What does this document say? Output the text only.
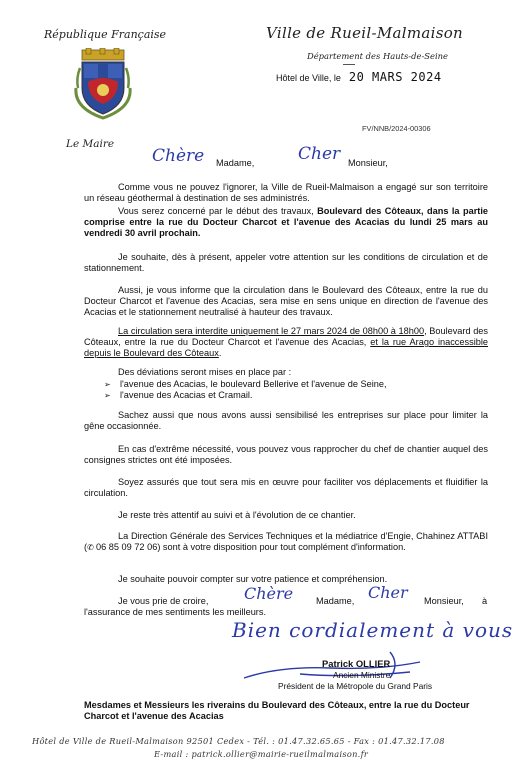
République Française	Ville de Rueil-Malmaison
Département des Hauts-de-Seine
Hôtel de Ville, le 20 MARS 2024
Le Maire
FV/NNB/2024-00306
Chère Madame,	Cher Monsieur,

Comme vous ne pouvez l'ignorer, la Ville de Rueil-Malmaison a engagé sur son territoire un réseau géothermal à destination de ses administrés.

Vous serez concerné par le début des travaux, Boulevard des Côteaux, dans la partie comprise entre la rue du Docteur Charcot et l'avenue des Acacias du lundi 25 mars au vendredi 30 avril prochain.

Je souhaite, dès à présent, appeler votre attention sur les conditions de circulation et de stationnement.

Aussi, je vous informe que la circulation dans le Boulevard des Côteaux, entre la rue du Docteur Charcot et l'avenue des Acacias, sera mise en sens unique en direction de l'avenue des Acacias et le stationnement neutralisé à hauteur des travaux.

La circulation sera interdite uniquement le 27 mars 2024 de 08h00 à 18h00, Boulevard des Côteaux, entre la rue du Docteur Charcot et l'avenue des Acacias, et la rue Arago inaccessible depuis le Boulevard des Côteaux.

Des déviations seront mises en place par :

➢ l'avenue des Acacias, le boulevard Bellerive et l'avenue de Seine,
➢ l'avenue des Acacias et Cramail.

Sachez aussi que nous avons aussi sensibilisé les entreprises sur place pour limiter la gêne occasionnée.

En cas d'extrême nécessité, vous pouvez vous rapprocher du chef de chantier auquel des consignes strictes ont été imposées.

Soyez assurés que tout sera mis en œuvre pour faciliter vos déplacements et fluidifier la circulation.

Je reste très attentif au suivi et à l'évolution de ce chantier.

La Direction Générale des Services Techniques et la médiatrice d'Engie, Chahinez ATTABI (✆ 06 85 09 72 06) sont à votre disposition pour tout complément d'information.

Je souhaite pouvoir compter sur votre patience et compréhension.

Je vous prie de croire,	Madame,	Monsieur, à
l'assurance de mes sentiments les meilleurs.
Chère	Cher
Bien cordialement à vous
Patrick OLLIER
Ancien Ministre
Président de la Métropole du Grand Paris
Mesdames et Messieurs les riverains du Boulevard des Côteaux, entre la rue du Docteur Charcot et l'avenue des Acacias
Hôtel de Ville de Rueil-Malmaison 92501 Cedex - Tél. : 01.47.32.65.65 - Fax : 01.47.32.17.08
E-mail : patrick.ollier@mairie-rueilmalmaison.fr
